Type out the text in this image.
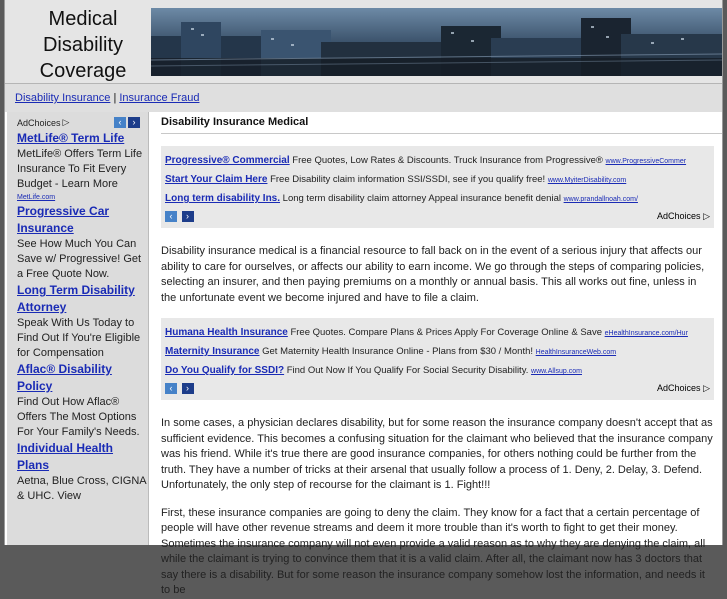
Medical
Disability
Coverage
Disability Insurance | Insurance Fraud
AdChoices ▷	‹	›
MetLife® Term Life
MetLife® Offers Term Life Insurance To Fit Every Budget - Learn More
MetLife.com
Progressive Car Insurance
See How Much You Can Save w/ Progressive! Get a Free Quote Now.
Long Term Disability Attorney
Speak With Us Today to Find Out If You're Eligible for Compensation
Aflac® Disability Policy
Find Out How Aflac® Offers The Most Options For Your Family's Needs.
Individual Health Plans
Aetna, Blue Cross, CIGNA & UHC. View
Disability Insurance Medical
Progressive® Commercial Free Quotes, Low Rates & Discounts. Truck Insurance from Progressive® www.ProgressiveCommer
Start Your Claim Here Free Disability claim information SSI/SSDI, see if you qualify free! www.MyiterDisability.com
Long term disability Ins. Long term disability claim attorney Appeal insurance benefit denial www.prandallnoah.com/
‹ ›	AdChoices ▷

Disability insurance medical is a financial resource to fall back on in the event of a serious injury that affects our ability to care for ourselves, or affects our ability to earn income. We go through the steps of comparing policies, selecting an insurer, and then paying premiums on a monthly or annual basis. This all works out fine, unless in the unfortunate event we become injured and have to file a claim.

Humana Health Insurance Free Quotes. Compare Plans & Prices Apply For Coverage Online & Save eHealthInsurance.com/Hur
Maternity Insurance Get Maternity Health Insurance Online - Plans from $30 / Month! HealthInsuranceWeb.com
Do You Qualify for SSDI? Find Out Now If You Qualify For Social Security Disability. www.Allsup.com
‹ ›	AdChoices ▷

In some cases, a physician declares disability, but for some reason the insurance company doesn't accept that as sufficient evidence. This becomes a confusing situation for the claimant who believed that the insurance company was his friend. While it's true there are good insurance companies, for others nothing could be further from the truth. They have a number of tricks at their arsenal that usually follow a process of 1. Deny, 2. Delay, 3. Defend. Unfortunately, the only step of recourse for the claimant is 1. Fight!!!

First, these insurance companies are going to deny the claim. They know for a fact that a certain percentage of people will have other revenue streams and deem it more trouble than it's worth to fight to get their money. Sometimes the insurance company will not even provide a valid reason as to why they are denying the claim, all while the claimant is trying to convince them that it is a valid claim. After all, the claimant now has 3 doctors that say there is a disability. But for some reason the insurance company somehow lost the information, and needs it to be
